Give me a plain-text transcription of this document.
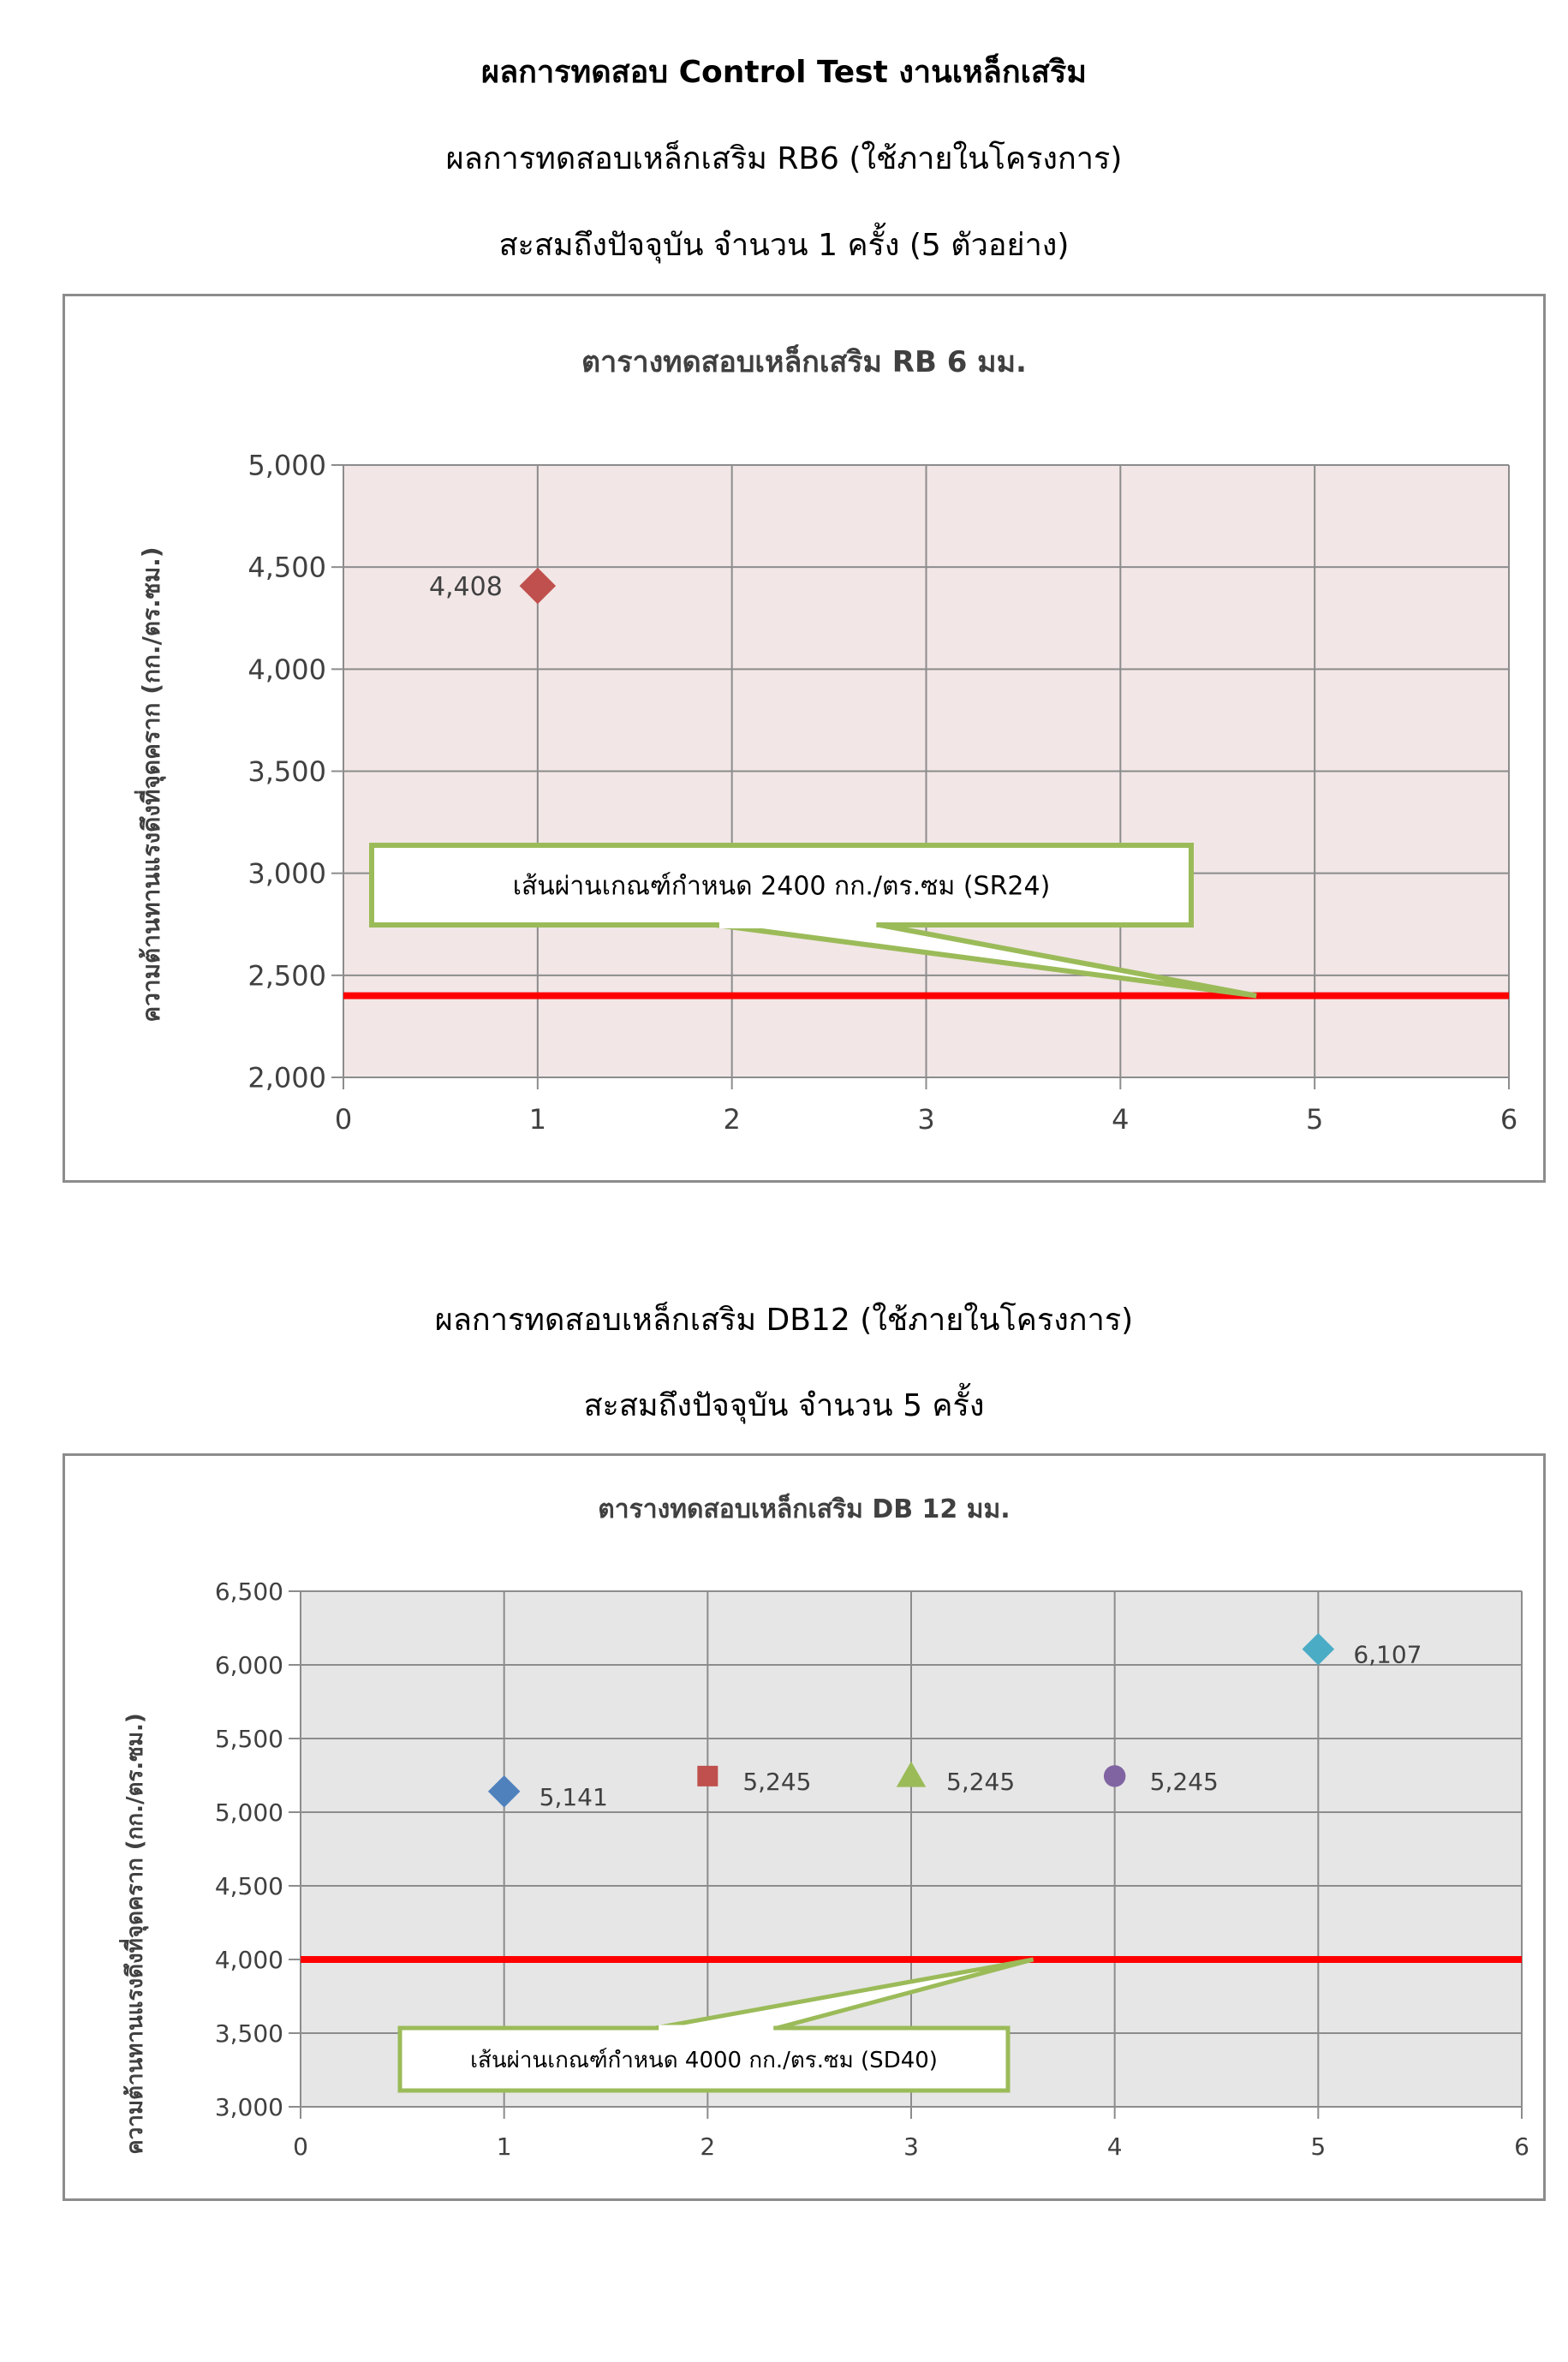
ผลการทดสอบ Control Test งานเหล็กเสริม
ผลการทดสอบเหล็กเสริม RB6 (ใช้ภายในโครงการ)
สะสมถึงปัจจุบัน จำนวน 1 ครั้ง (5 ตัวอย่าง)
ตารางทดสอบเหล็กเสริม RB 6 มม.
ความต้านทานแรงดึงที่จุดคราก (กก./ตร.ซม.)
2,000
2,500
3,000
3,500
4,000
4,500
5,000
0	1	2	3	4	5	6
เส้นผ่านเกณฑ์กำหนด 2400 กก./ตร.ซม (SR24)
4,408
ผลการทดสอบเหล็กเสริม DB12 (ใช้ภายในโครงการ)
สะสมถึงปัจจุบัน จำนวน 5 ครั้ง
ตารางทดสอบเหล็กเสริม DB 12 มม.
ความต้านทานแรงดึงที่จุดคราก (กก./ตร.ซม.)	3,000
3,500
4,000
4,500
5,000
5,500
6,000
6,500
0	1	2	3	4	5	6
เส้นผ่านเกณฑ์กำหนด 4000 กก./ตร.ซม (SD40)
5,141
5,245	5,245	5,245
6,107
